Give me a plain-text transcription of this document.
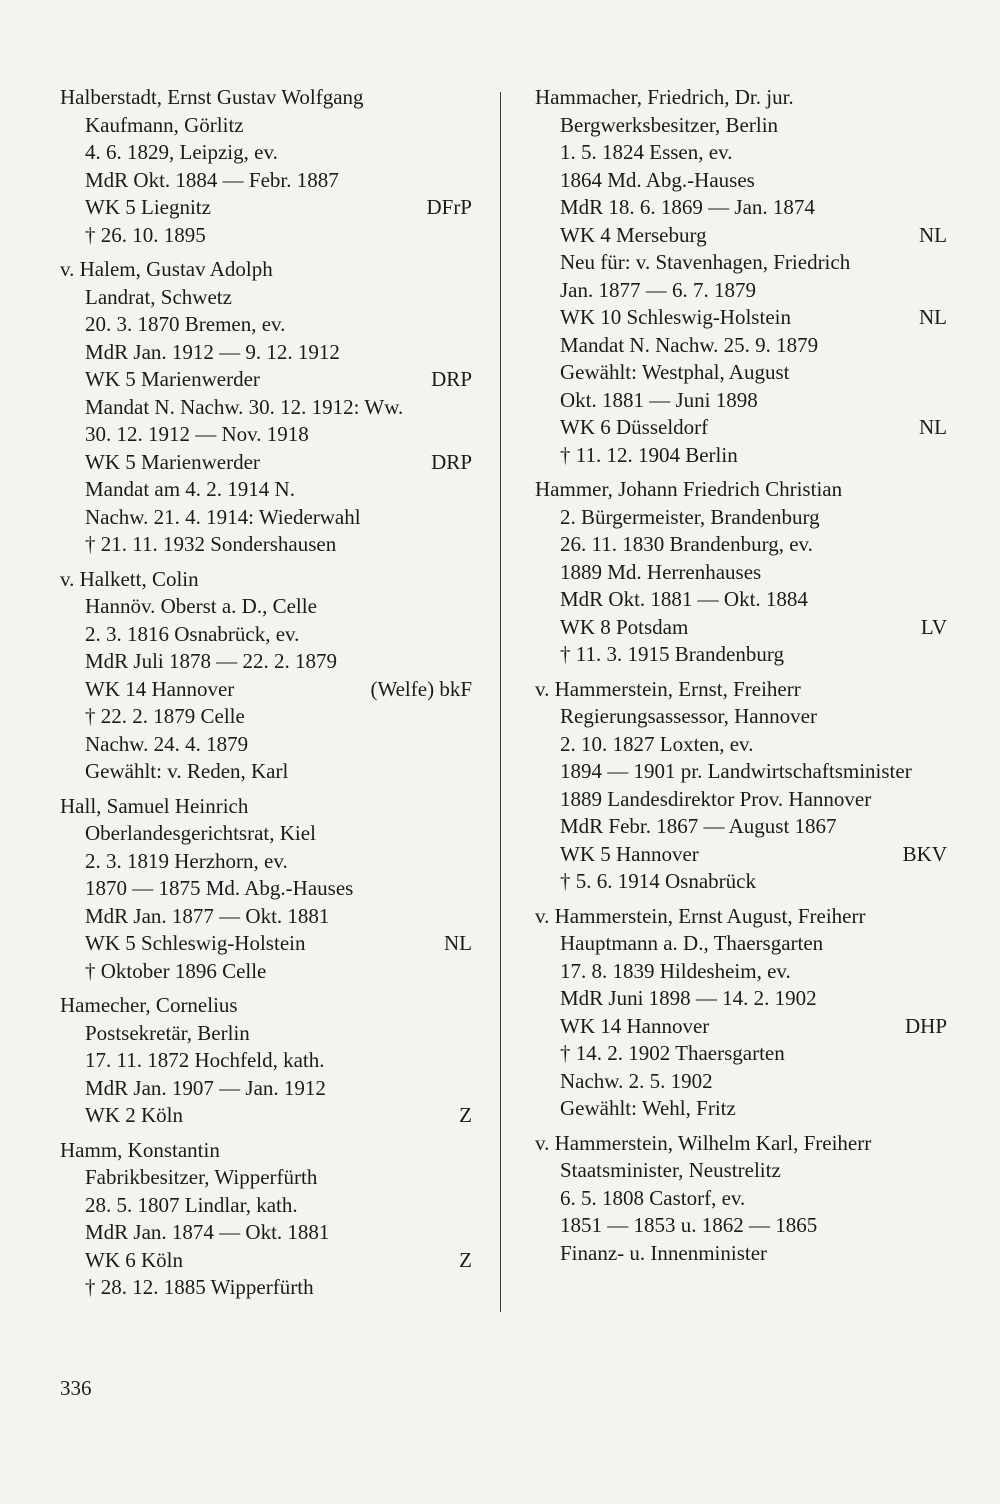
Halberstadt, Ernst Gustav Wolfgang
Kaufmann, Görlitz
4. 6. 1829, Leipzig, ev.
MdR Okt. 1884 — Febr. 1887
WK 5 Liegnitz	DFrP
† 26. 10. 1895
v. Halem, Gustav Adolph
Landrat, Schwetz
20. 3. 1870 Bremen, ev.
MdR Jan. 1912 — 9. 12. 1912
WK 5 Marienwerder	DRP
Mandat N. Nachw. 30. 12. 1912: Ww.
30. 12. 1912 — Nov. 1918
WK 5 Marienwerder	DRP
Mandat am 4. 2. 1914 N.
Nachw. 21. 4. 1914: Wiederwahl
† 21. 11. 1932 Sondershausen
v. Halkett, Colin
Hannöv. Oberst a. D., Celle
2. 3. 1816 Osnabrück, ev.
MdR Juli 1878 — 22. 2. 1879
WK 14 Hannover	(Welfe) bkF
† 22. 2. 1879 Celle
Nachw. 24. 4. 1879
Gewählt: v. Reden, Karl
Hall, Samuel Heinrich
Oberlandesgerichtsrat, Kiel
2. 3. 1819 Herzhorn, ev.
1870 — 1875 Md. Abg.-Hauses
MdR Jan. 1877 — Okt. 1881
WK 5 Schleswig-Holstein	NL
† Oktober 1896 Celle
Hamecher, Cornelius
Postsekretär, Berlin
17. 11. 1872 Hochfeld, kath.
MdR Jan. 1907 — Jan. 1912
WK 2 Köln	Z
Hamm, Konstantin
Fabrikbesitzer, Wipperfürth
28. 5. 1807 Lindlar, kath.
MdR Jan. 1874 — Okt. 1881
WK 6 Köln	Z
† 28. 12. 1885 Wipperfürth
Hammacher, Friedrich, Dr. jur.
Bergwerksbesitzer, Berlin
1. 5. 1824 Essen, ev.
1864 Md. Abg.-Hauses
MdR 18. 6. 1869 — Jan. 1874
WK 4 Merseburg	NL
Neu für: v. Stavenhagen, Friedrich
Jan. 1877 — 6. 7. 1879
WK 10 Schleswig-Holstein	NL
Mandat N. Nachw. 25. 9. 1879
Gewählt: Westphal, August
Okt. 1881 — Juni 1898
WK 6 Düsseldorf	NL
† 11. 12. 1904 Berlin
Hammer, Johann Friedrich Christian
2. Bürgermeister, Brandenburg
26. 11. 1830 Brandenburg, ev.
1889 Md. Herrenhauses
MdR Okt. 1881 — Okt. 1884
WK 8 Potsdam	LV
† 11. 3. 1915 Brandenburg
v. Hammerstein, Ernst, Freiherr
Regierungsassessor, Hannover
2. 10. 1827 Loxten, ev.
1894 — 1901 pr. Landwirtschaftsminister
1889 Landesdirektor Prov. Hannover
MdR Febr. 1867 — August 1867
WK 5 Hannover	BKV
† 5. 6. 1914 Osnabrück
v. Hammerstein, Ernst August, Freiherr
Hauptmann a. D., Thaersgarten
17. 8. 1839 Hildesheim, ev.
MdR Juni 1898 — 14. 2. 1902
WK 14 Hannover	DHP
† 14. 2. 1902 Thaersgarten
Nachw. 2. 5. 1902
Gewählt: Wehl, Fritz
v. Hammerstein, Wilhelm Karl, Freiherr
Staatsminister, Neustrelitz
6. 5. 1808 Castorf, ev.
1851 — 1853 u. 1862 — 1865
Finanz- u. Innenminister
336
